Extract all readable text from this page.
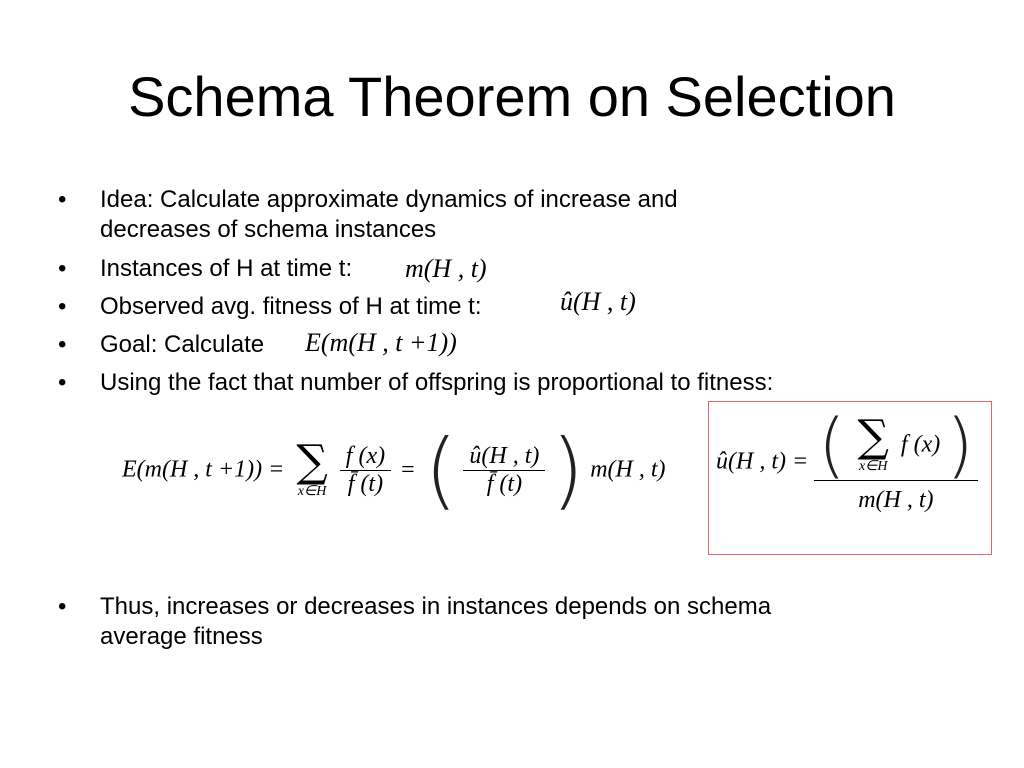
Schema Theorem on Selection
•	Idea: Calculate approximate dynamics of increase and
decreases of schema instances
•	Instances of H at time t: m(H , t)
•	Observed avg. fitness of H at time t:	û(H , t)
•	Goal: Calculate E(m(H , t +1))
•	Using the fact that number of offspring is proportional to fitness:
E(m(H , t +1)) = ∑
x∈H
$\frac{f (x)}{f̄ (t)}$ = ( $\frac{û(H , t)}{f̄ (t)}$ ) m(H , t) û(H , t) = ( ∑
x∈H
f (x) )
m(H , t)
•	Thus, increases or decreases in instances depends on schema
average fitness
